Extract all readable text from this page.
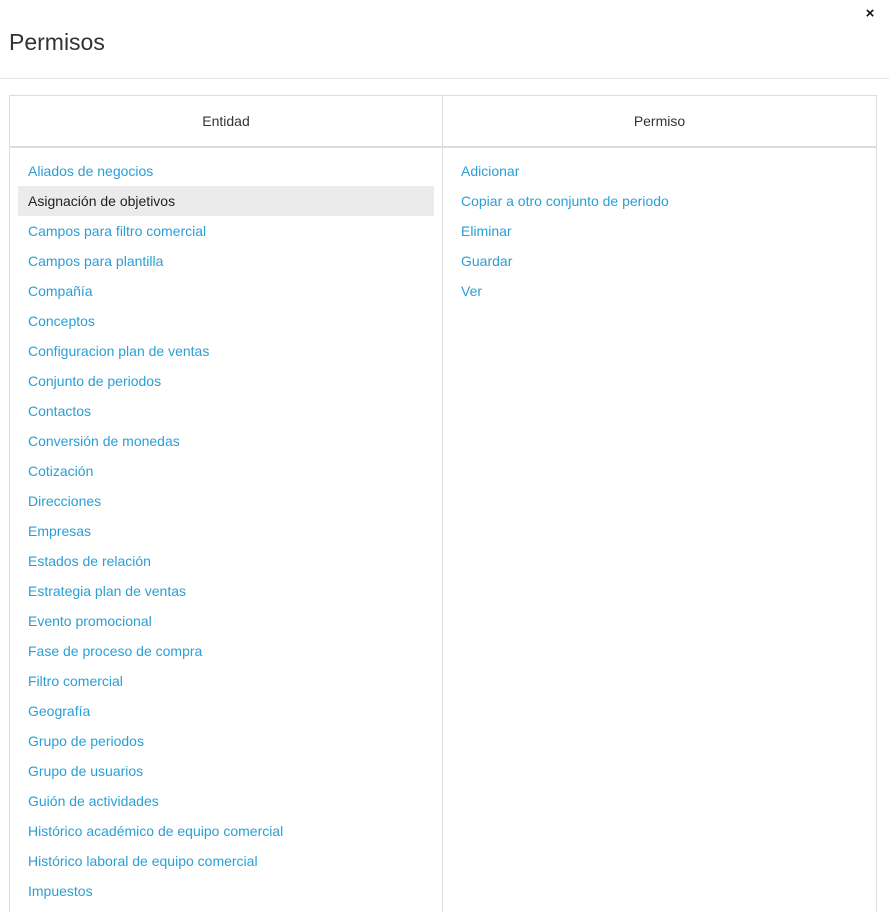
Permisos
×
Entidad
Aliados de negocios
Asignación de objetivos
Campos para filtro comercial
Campos para plantilla
Compañía
Conceptos
Configuracion plan de ventas
Conjunto de periodos
Contactos
Conversión de monedas
Cotización
Direcciones
Empresas
Estados de relación
Estrategia plan de ventas
Evento promocional
Fase de proceso de compra
Filtro comercial
Geografía
Grupo de periodos
Grupo de usuarios
Guión de actividades
Histórico académico de equipo comercial
Histórico laboral de equipo comercial
Impuestos
Permiso
Adicionar
Copiar a otro conjunto de periodo
Eliminar
Guardar
Ver
